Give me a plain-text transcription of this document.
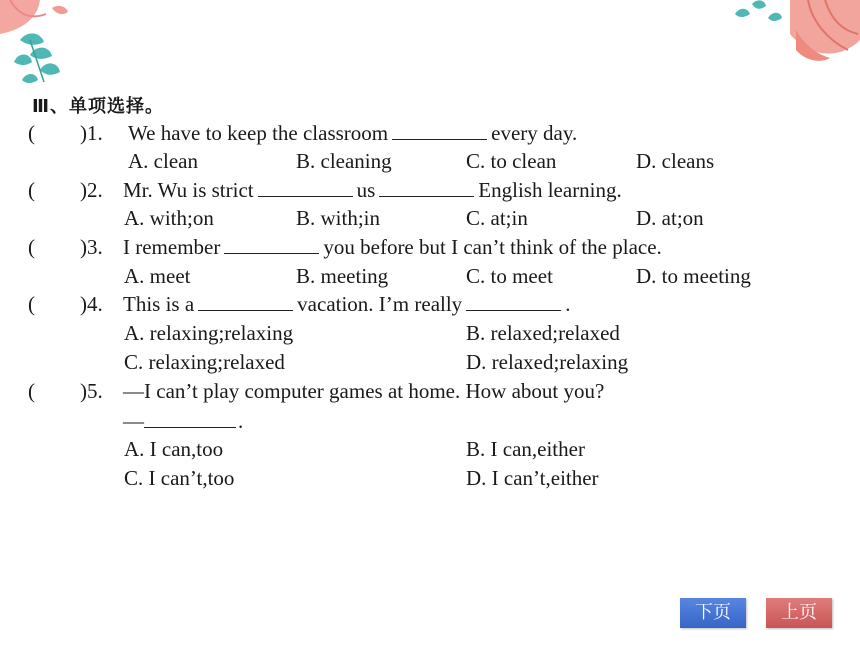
Ⅲ、单项选择。
( )1. We have to keep the classroom	every day.
A. clean	B. cleaning	C. to clean	D. cleans
( )2. Mr. Wu is strict	us	English learning.
A. with;on	B. with;in	C. at;in	D. at;on
( )3. I remember	you before but I can’t think of the place.
A. meet	B. meeting	C. to meet	D. to meeting
( )4. This is a	vacation. I’m really	.
A. relaxing;relaxing	B. relaxed;relaxed
C. relaxing;relaxed	D. relaxed;relaxing
( )5. —I can’t play computer games at home. How about you?
—	.
A. I can,too	B. I can,either
C. I can’t,too	D. I can’t,either
下页	上页
